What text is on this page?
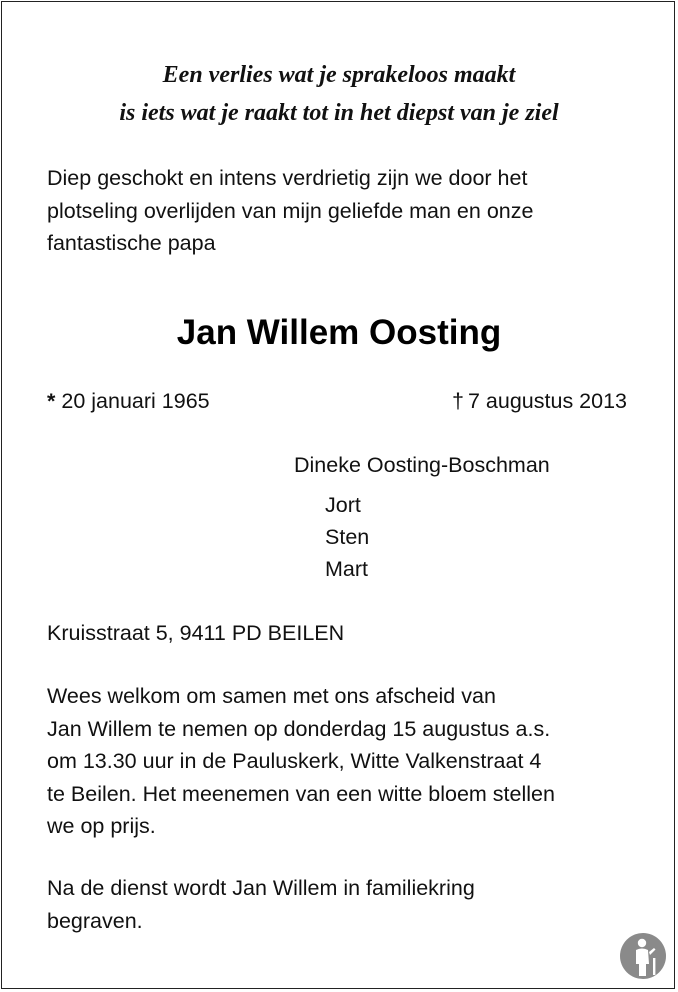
Een verlies wat je sprakeloos maakt
is iets wat je raakt tot in het diepst van je ziel
Diep geschokt en intens verdrietig zijn we door het
plotseling overlijden van mijn geliefde man en onze
fantastische papa
Jan Willem Oosting
* 20 januari 1965	† 7 augustus 2013
Dineke Oosting-Boschman
Jort
Sten
Mart
Kruisstraat 5, 9411 PD BEILEN
Wees welkom om samen met ons afscheid van
Jan Willem te nemen op donderdag 15 augustus a.s.
om 13.30 uur in de Pauluskerk, Witte Valkenstraat 4
te Beilen. Het meenemen van een witte bloem stellen
we op prijs.
Na de dienst wordt Jan Willem in familiekring
begraven.
